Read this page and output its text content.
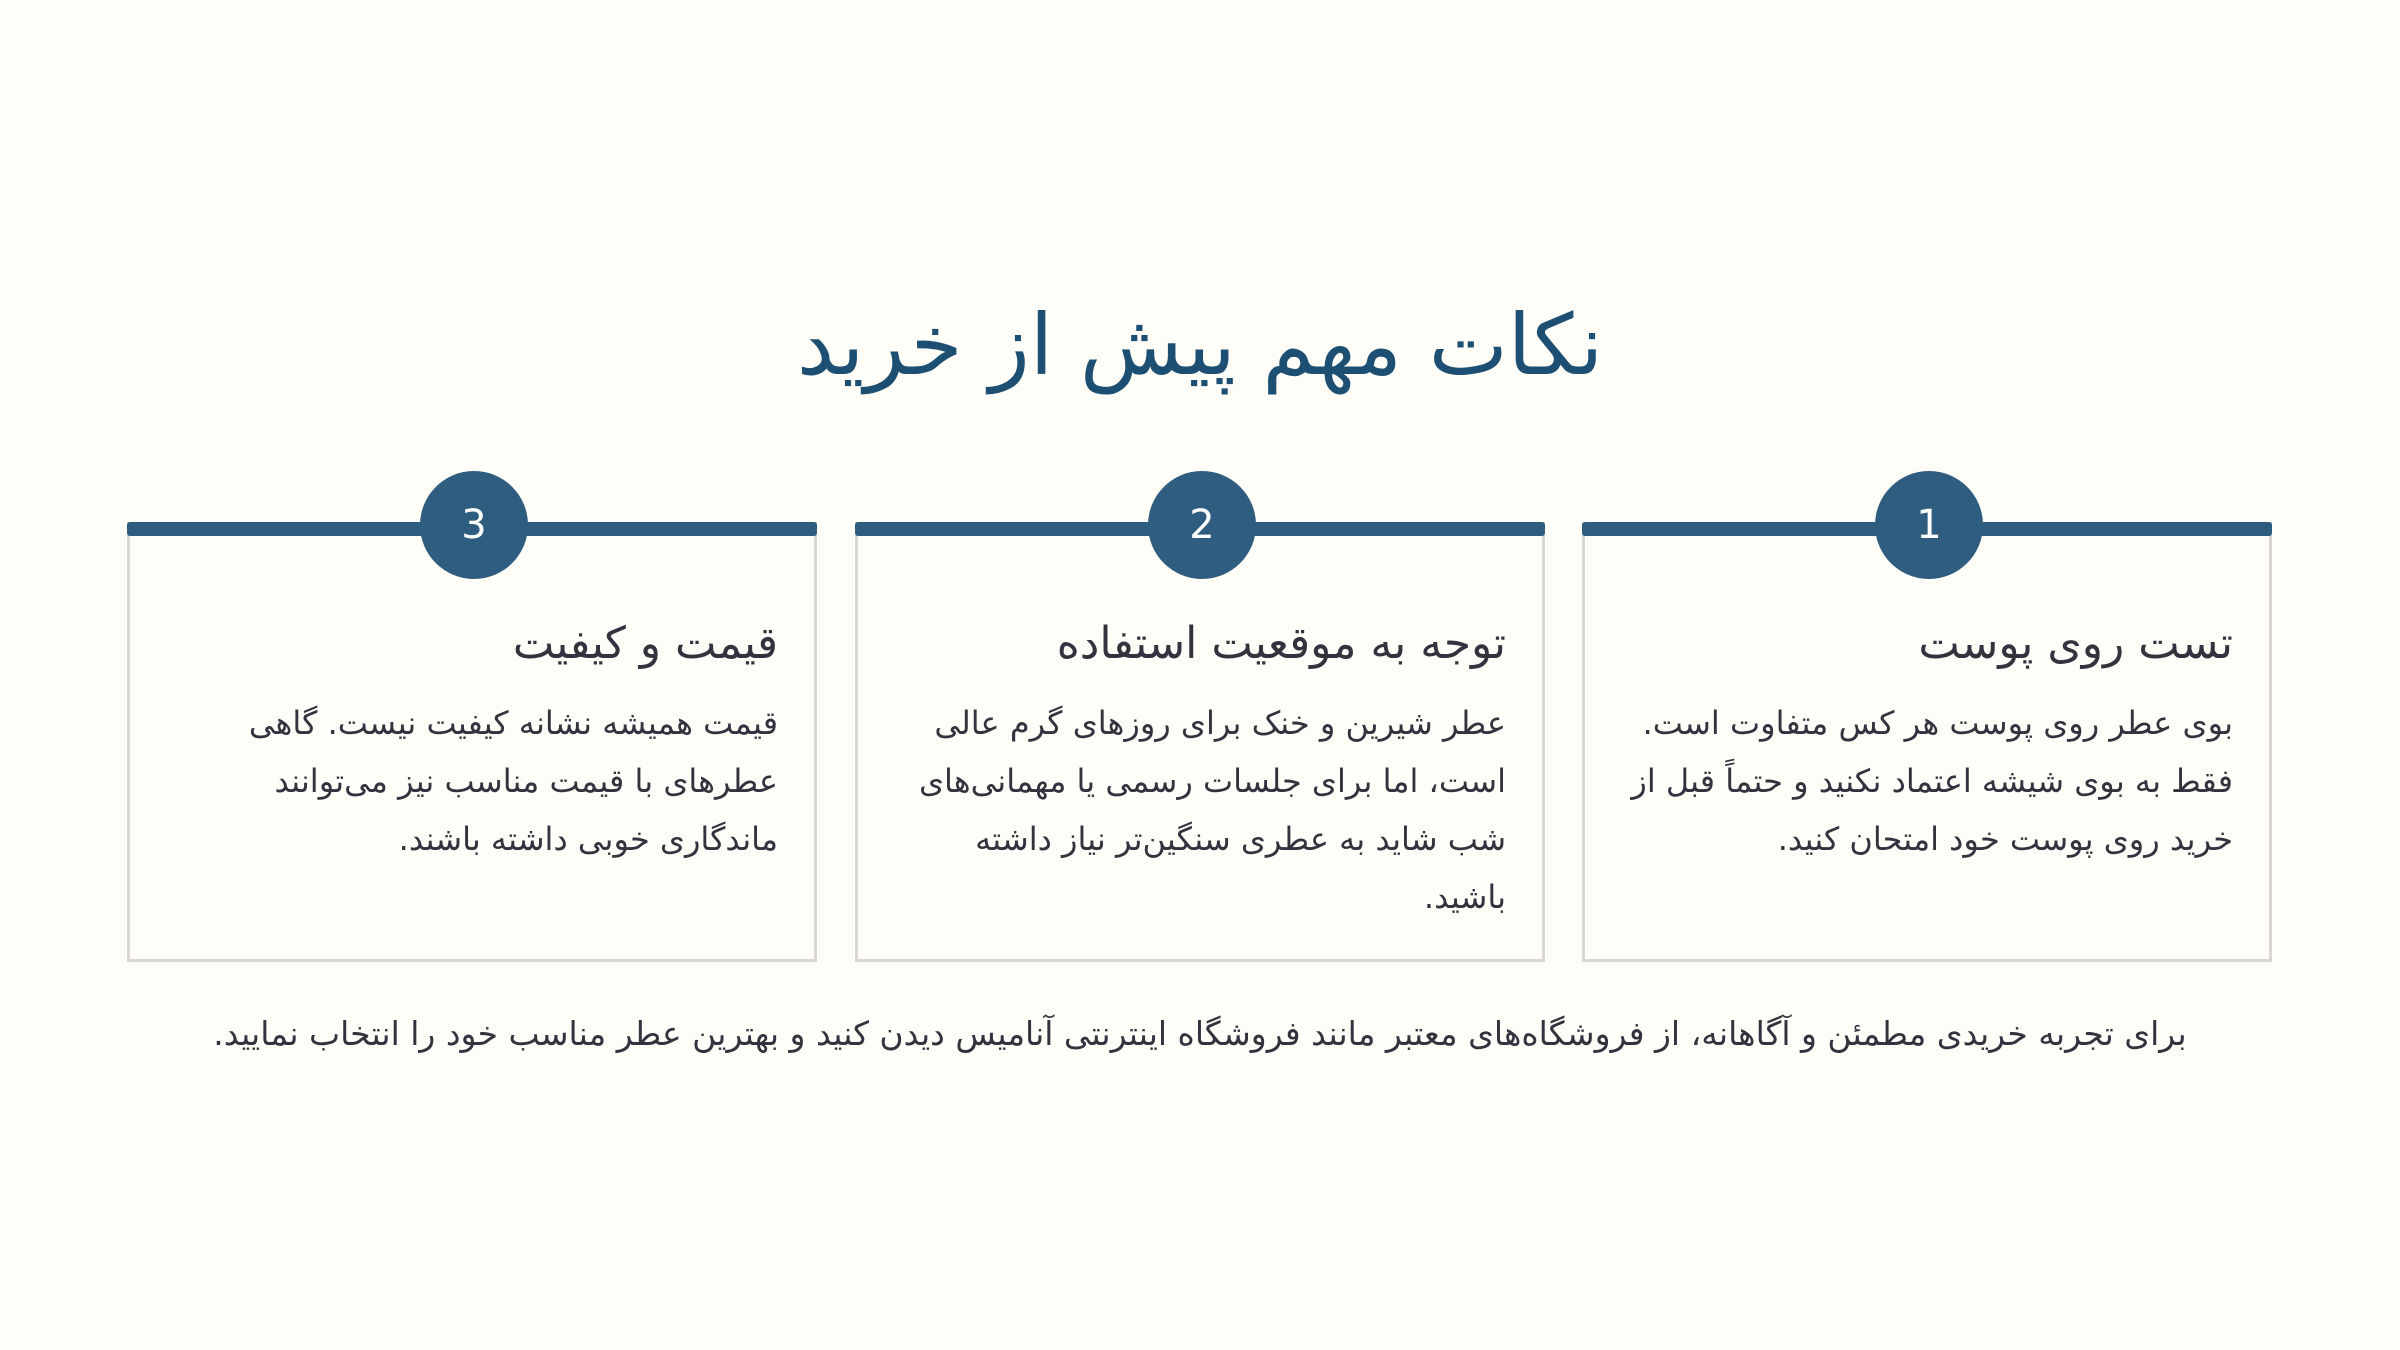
نکات مهم پیش از خرید
1
تست روی پوست
بوی عطر روی پوست هر کس متفاوت است. فقط به بوی شیشه اعتماد نکنید و حتماً قبل از خرید روی پوست خود امتحان کنید.
2
توجه به موقعیت استفاده
عطر شیرین و خنک برای روزهای گرم عالی است، اما برای جلسات رسمی یا مهمانی‌های شب شاید به عطری سنگین‌تر نیاز داشته باشید.
3
قیمت و کیفیت
قیمت همیشه نشانه کیفیت نیست. گاهی عطرهای با قیمت مناسب نیز می‌توانند ماندگاری خوبی داشته باشند.
برای تجربه خریدی مطمئن و آگاهانه، از فروشگاه‌های معتبر مانند فروشگاه اینترنتی آنامیس دیدن کنید و بهترین عطر مناسب خود را انتخاب نمایید.
